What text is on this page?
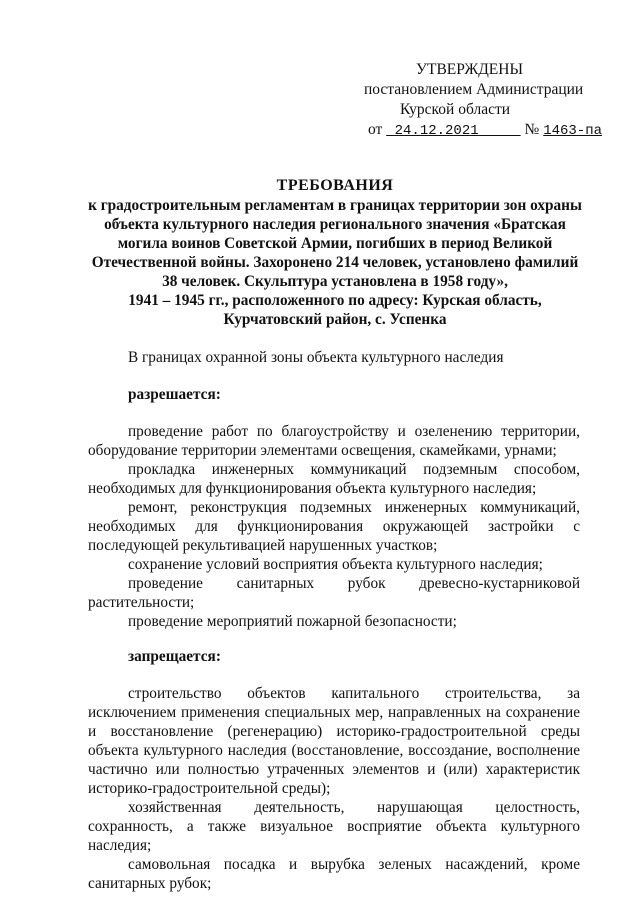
УТВЕРЖДЕНЫ
постановлением Администрации
Курской области
от 24.12.2021	№ 1463-па
ТРЕБОВАНИЯ
к градостроительным регламентам в границах территории зон охраны
объекта культурного наследия регионального значения «Братская
могила воинов Советской Армии, погибших в период Великой
Отечественной войны. Захоронено 214 человек, установлено фамилий
38 человек. Скульптура установлена в 1958 году»,
1941 – 1945 гг., расположенного по адресу: Курская область,
Курчатовский район, с. Успенка

В границах охранной зоны объекта культурного наследия

разрешается:

проведение работ по благоустройству и озеленению территории, оборудование территории элементами освещения, скамейками, урнами;

прокладка инженерных коммуникаций подземным способом, необходимых для функционирования объекта культурного наследия;

ремонт, реконструкция подземных инженерных коммуникаций, необходимых для функционирования окружающей застройки с последующей рекультивацией нарушенных участков;

сохранение условий восприятия объекта культурного наследия;

проведение санитарных рубок древесно-кустарниковой растительности;

проведение мероприятий пожарной безопасности;

запрещается:

строительство объектов капитального строительства, за исключением применения специальных мер, направленных на сохранение и восстановление (регенерацию) историко-градостроительной среды объекта культурного наследия (восстановление, воссоздание, восполнение частично или полностью утраченных элементов и (или) характеристик историко-градостроительной среды);

хозяйственная деятельность, нарушающая целостность, сохранность, а также визуальное восприятие объекта культурного наследия;

самовольная посадка и вырубка зеленых насаждений, кроме санитарных рубок;
